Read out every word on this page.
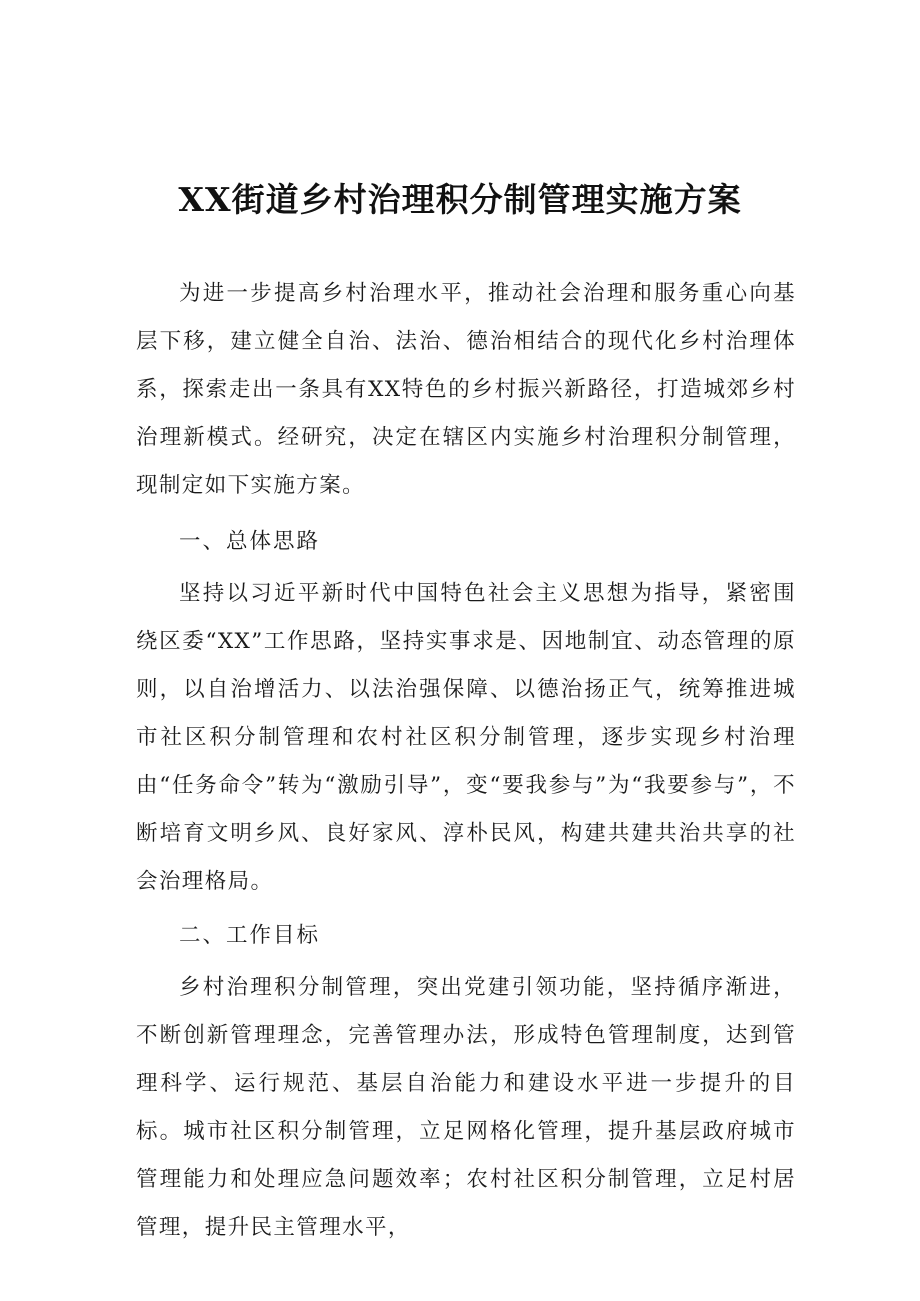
XX街道乡村治理积分制管理实施方案

为进一步提高乡村治理水平，推动社会治理和服务重心向基层下移，建立健全自治、法治、德治相结合的现代化乡村治理体系，探索走出一条具有XX特色的乡村振兴新路径，打造城郊乡村治理新模式。经研究，决定在辖区内实施乡村治理积分制管理，现制定如下实施方案。

一、总体思路

坚持以习近平新时代中国特色社会主义思想为指导，紧密围绕区委“XX”工作思路，坚持实事求是、因地制宜、动态管理的原则，以自治增活力、以法治强保障、以德治扬正气，统筹推进城市社区积分制管理和农村社区积分制管理，逐步实现乡村治理由“任务命令”转为“激励引导”，变“要我参与”为“我要参与”，不断培育文明乡风、良好家风、淳朴民风，构建共建共治共享的社会治理格局。

二、工作目标

乡村治理积分制管理，突出党建引领功能，坚持循序渐进，不断创新管理理念，完善管理办法，形成特色管理制度，达到管理科学、运行规范、基层自治能力和建设水平进一步提升的目标。城市社区积分制管理，立足网格化管理，提升基层政府城市管理能力和处理应急问题效率；农村社区积分制管理，立足村居管理，提升民主管理水平，
